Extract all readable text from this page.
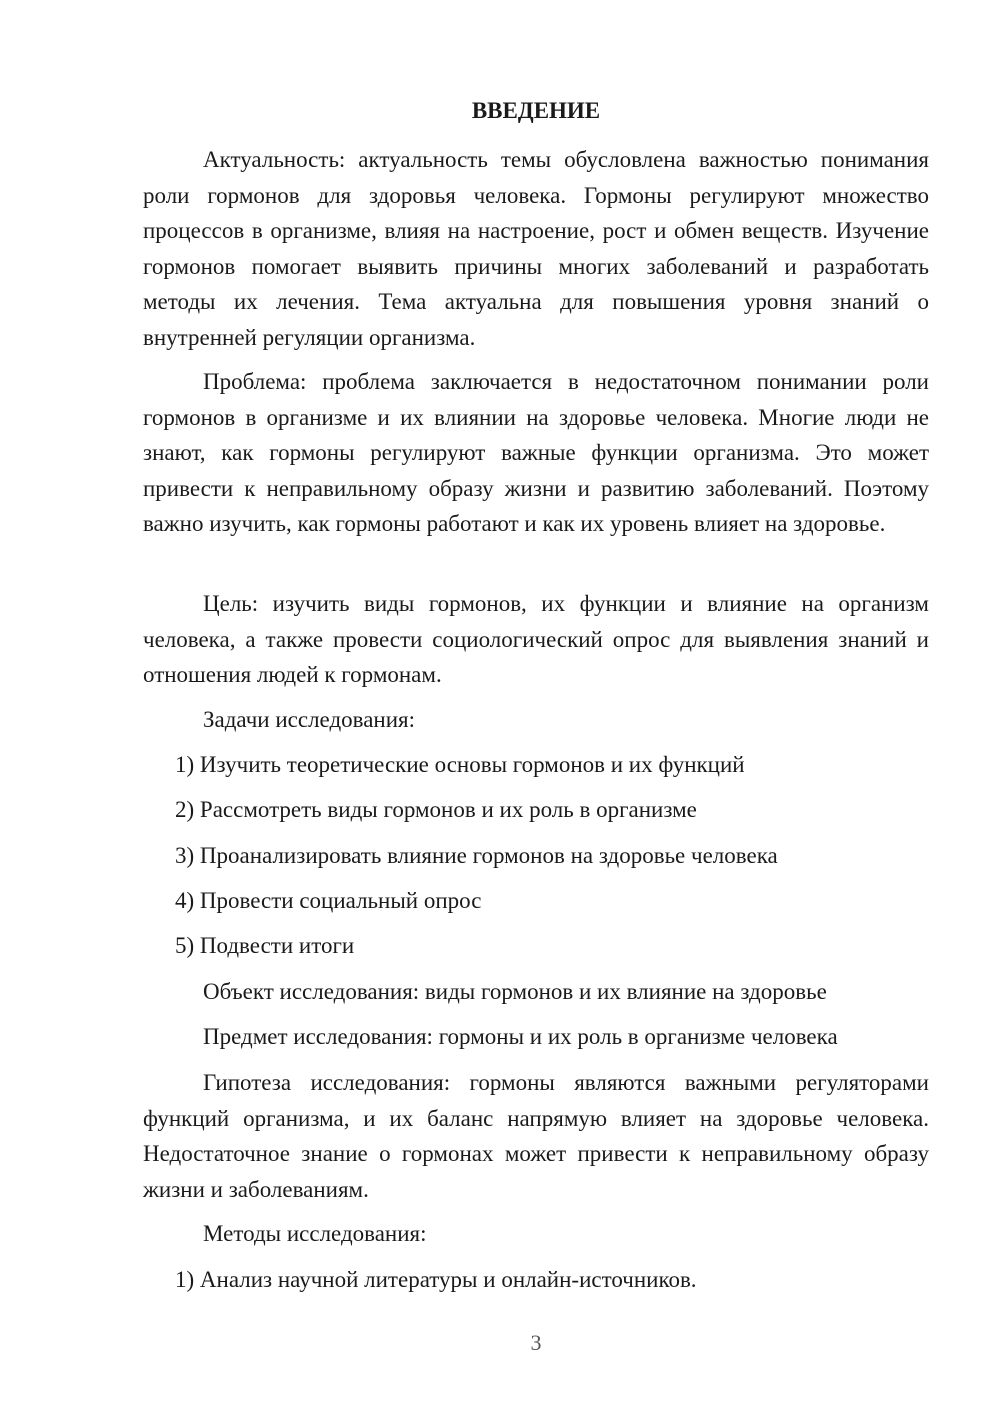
ВВЕДЕНИЕ

Актуальность: актуальность темы обусловлена важностью понимания роли гормонов для здоровья человека. Гормоны регулируют множество процессов в организме, влияя на настроение, рост и обмен веществ. Изучение гормонов помогает выявить причины многих заболеваний и разработать методы их лечения. Тема актуальна для повышения уровня знаний о внутренней регуляции организма.

Проблема: проблема заключается в недостаточном понимании роли гормонов в организме и их влиянии на здоровье человека. Многие люди не знают, как гормоны регулируют важные функции организма. Это может привести к неправильному образу жизни и развитию заболеваний. Поэтому важно изучить, как гормоны работают и как их уровень влияет на здоровье.

Цель: изучить виды гормонов, их функции и влияние на организм человека, а также провести социологический опрос для выявления знаний и отношения людей к гормонам.

Задачи исследования:

1) Изучить теоретические основы гормонов и их функций

2) Рассмотреть виды гормонов и их роль в организме

3) Проанализировать влияние гормонов на здоровье человека

4) Провести социальный опрос

5) Подвести итоги

Объект исследования: виды гормонов и их влияние на здоровье

Предмет исследования: гормоны и их роль в организме человека

Гипотеза исследования: гормоны являются важными регуляторами функций организма, и их баланс напрямую влияет на здоровье человека. Недостаточное знание о гормонах может привести к неправильному образу жизни и заболеваниям.

Методы исследования:

1) Анализ научной литературы и онлайн-источников.

3
